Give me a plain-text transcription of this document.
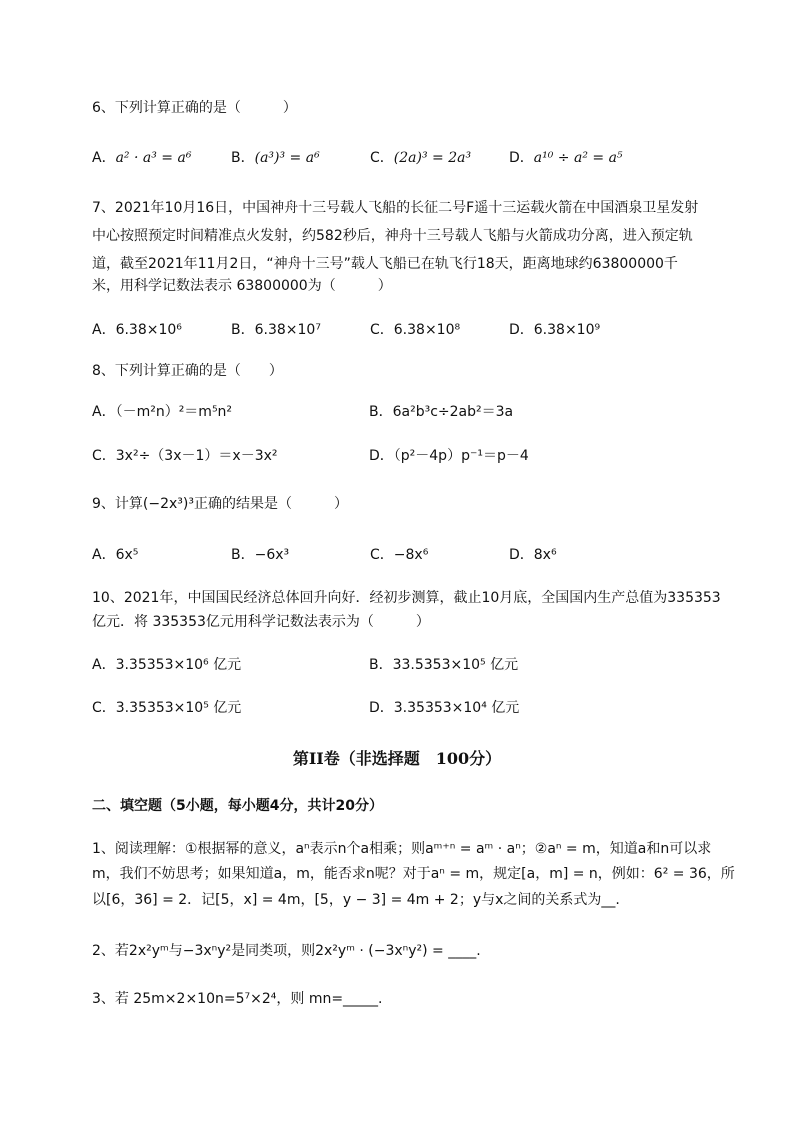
6、下列计算正确的是（　　　）
A．a² · a³ = a⁶	B．(a³)³ = a⁶	C．(2a)³ = 2a³	D．a¹⁰ ÷ a² = a⁵
7、2021年10月16日，中国神舟十三号载人飞船的长征二号F遥十三运载火箭在中国酒泉卫星发射
中心按照预定时间精准点火发射，约582秒后，神舟十三号载人飞船与火箭成功分离，进入预定轨
道，截至2021年11月2日，“神舟十三号”载人飞船已在轨飞行18天，距离地球约63800000千
米，用科学记数法表示 63800000为（　　　）
A．6.38×10⁶	B．6.38×10⁷	C．6.38×10⁸	D．6.38×10⁹
8、下列计算正确的是（　　）
A．（－m²n）²＝m⁵n²	B．6a²b³c÷2ab²＝3a
C．3x²÷（3x－1）＝x－3x²	D．（p²－4p）p⁻¹＝p－4
9、计算(−2x³)³正确的结果是（　　　）
A．6x⁵	B．−6x³	C．−8x⁶	D．8x⁶
10、2021年，中国国民经济总体回升向好．经初步测算，截止10月底，全国国内生产总值为335353
亿元．将 335353亿元用科学记数法表示为（　　　）
A．3.35353×10⁶ 亿元	B．33.5353×10⁵ 亿元
C．3.35353×10⁵ 亿元	D．3.35353×10⁴ 亿元
第II卷（非选择题　100分）
二、填空题（5小题，每小题4分，共计20分）
1、阅读理解：①根据幂的意义，aⁿ表示n个a相乘；则aᵐ⁺ⁿ = aᵐ · aⁿ；②aⁿ = m，知道a和n可以求
m，我们不妨思考；如果知道a，m，能否求n呢？对于aⁿ = m，规定[a，m] = n，例如：6² = 36，所
以[6，36] = 2．记[5，x] = 4m，[5，y − 3] = 4m + 2；y与x之间的关系式为__.
2、若2x²yᵐ与−3xⁿy²是同类项，则2x²yᵐ · (−3xⁿy²) = ____.
3、若 25m×2×10n=5⁷×2⁴，则 mn=_____.
